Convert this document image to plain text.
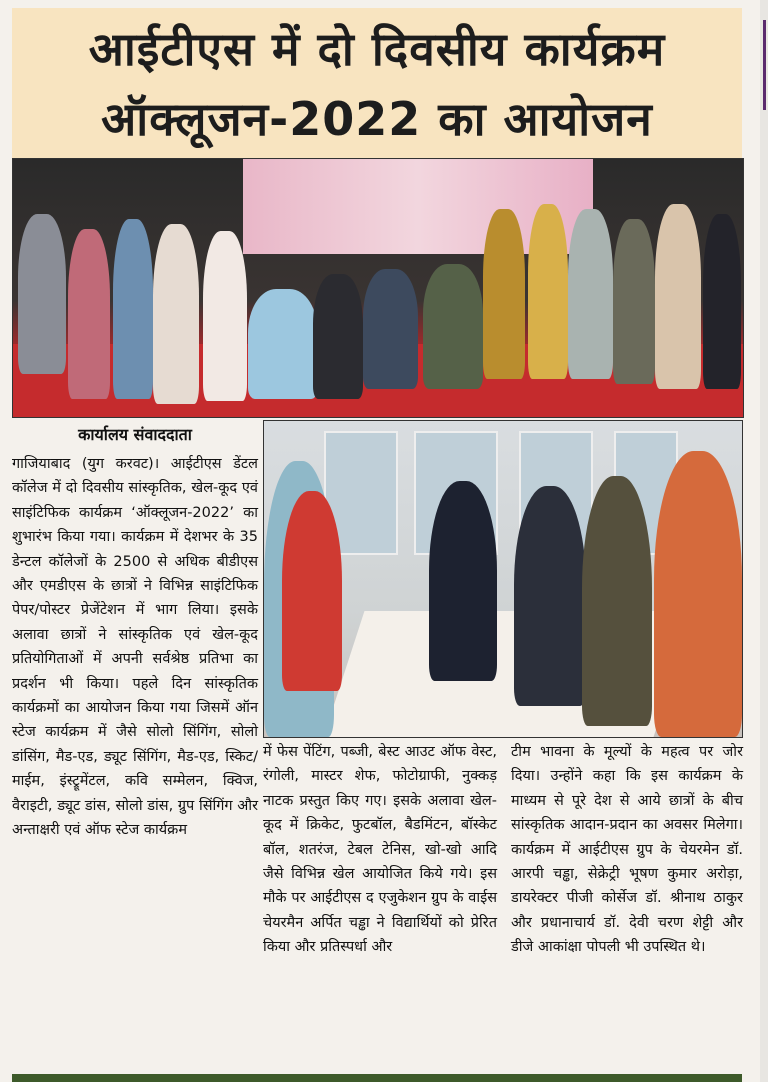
आईटीएस में दो दिवसीय कार्यक्रम
ऑक्लूजन-2022 का आयोजन
कार्यालय संवाददाता
गाजियाबाद (युग करवट)। आईटीएस डेंटल कॉलेज में दो दिवसीय सांस्कृतिक, खेल-कूद एवं साइंटिफिक कार्यक्रम ‘ऑक्लूजन-2022’ का शुभारंभ किया गया। कार्यक्रम में देशभर के 35 डेन्टल कॉलेजों के 2500 से अधिक बीडीएस और एमडीएस के छात्रों ने विभिन्न साइंटिफिक पेपर/पोस्टर प्रेजेंटेशन में भाग लिया। इसके अलावा छात्रों ने सांस्कृतिक एवं खेल-कूद प्रतियोगिताओं में अपनी सर्वश्रेष्ठ प्रतिभा का प्रदर्शन भी किया। पहले दिन सांस्कृतिक कार्यक्रमों का आयोजन किया गया जिसमें ऑन स्टेज कार्यक्रम में जैसे सोलो सिंगिंग, सोलो डांसिंग, मैड-एड, ड्यूट सिंगिंग, मैड-एड, स्किट/माईम, इंस्ट्रूमेंटल, कवि सम्मेलन, क्विज, वैराइटी, ड्यूट डांस, सोलो डांस, ग्रुप सिंगिंग और अन्ताक्षरी एवं ऑफ स्टेज कार्यक्रम
में फेस पेंटिंग, पब्जी, बेस्ट आउट ऑफ वेस्ट, रंगोली, मास्टर शेफ, फोटोग्राफी, नुक्कड़ नाटक प्रस्तुत किए गए। इसके अलावा खेल-कूद में क्रिकेट, फुटबॉल, बैडमिंटन, बॉस्केट बॉल, शतरंज, टेबल टेनिस, खो-खो आदि जैसे विभिन्न खेल आयोजित किये गये। इस मौके पर आईटीएस द एजुकेशन ग्रुप के वाईस चेयरमैन अर्पित चड्ढा ने विद्यार्थियों को प्रेरित किया और प्रतिस्पर्धा और
टीम भावना के मूल्यों के महत्व पर जोर दिया। उन्होंने कहा कि इस कार्यक्रम के माध्यम से पूरे देश से आये छात्रों के बीच सांस्कृतिक आदान-प्रदान का अवसर मिलेगा। कार्यक्रम में आईटीएस ग्रुप के चेयरमेन डॉ. आरपी चड्ढा, सेक्रेट्री भूषण कुमार अरोड़ा, डायरेक्टर पीजी कोर्सेज डॉ. श्रीनाथ ठाकुर और प्रधानाचार्य डॉ. देवी चरण शेट्टी और डीजे आकांक्षा पोपली भी उपस्थित थे।
